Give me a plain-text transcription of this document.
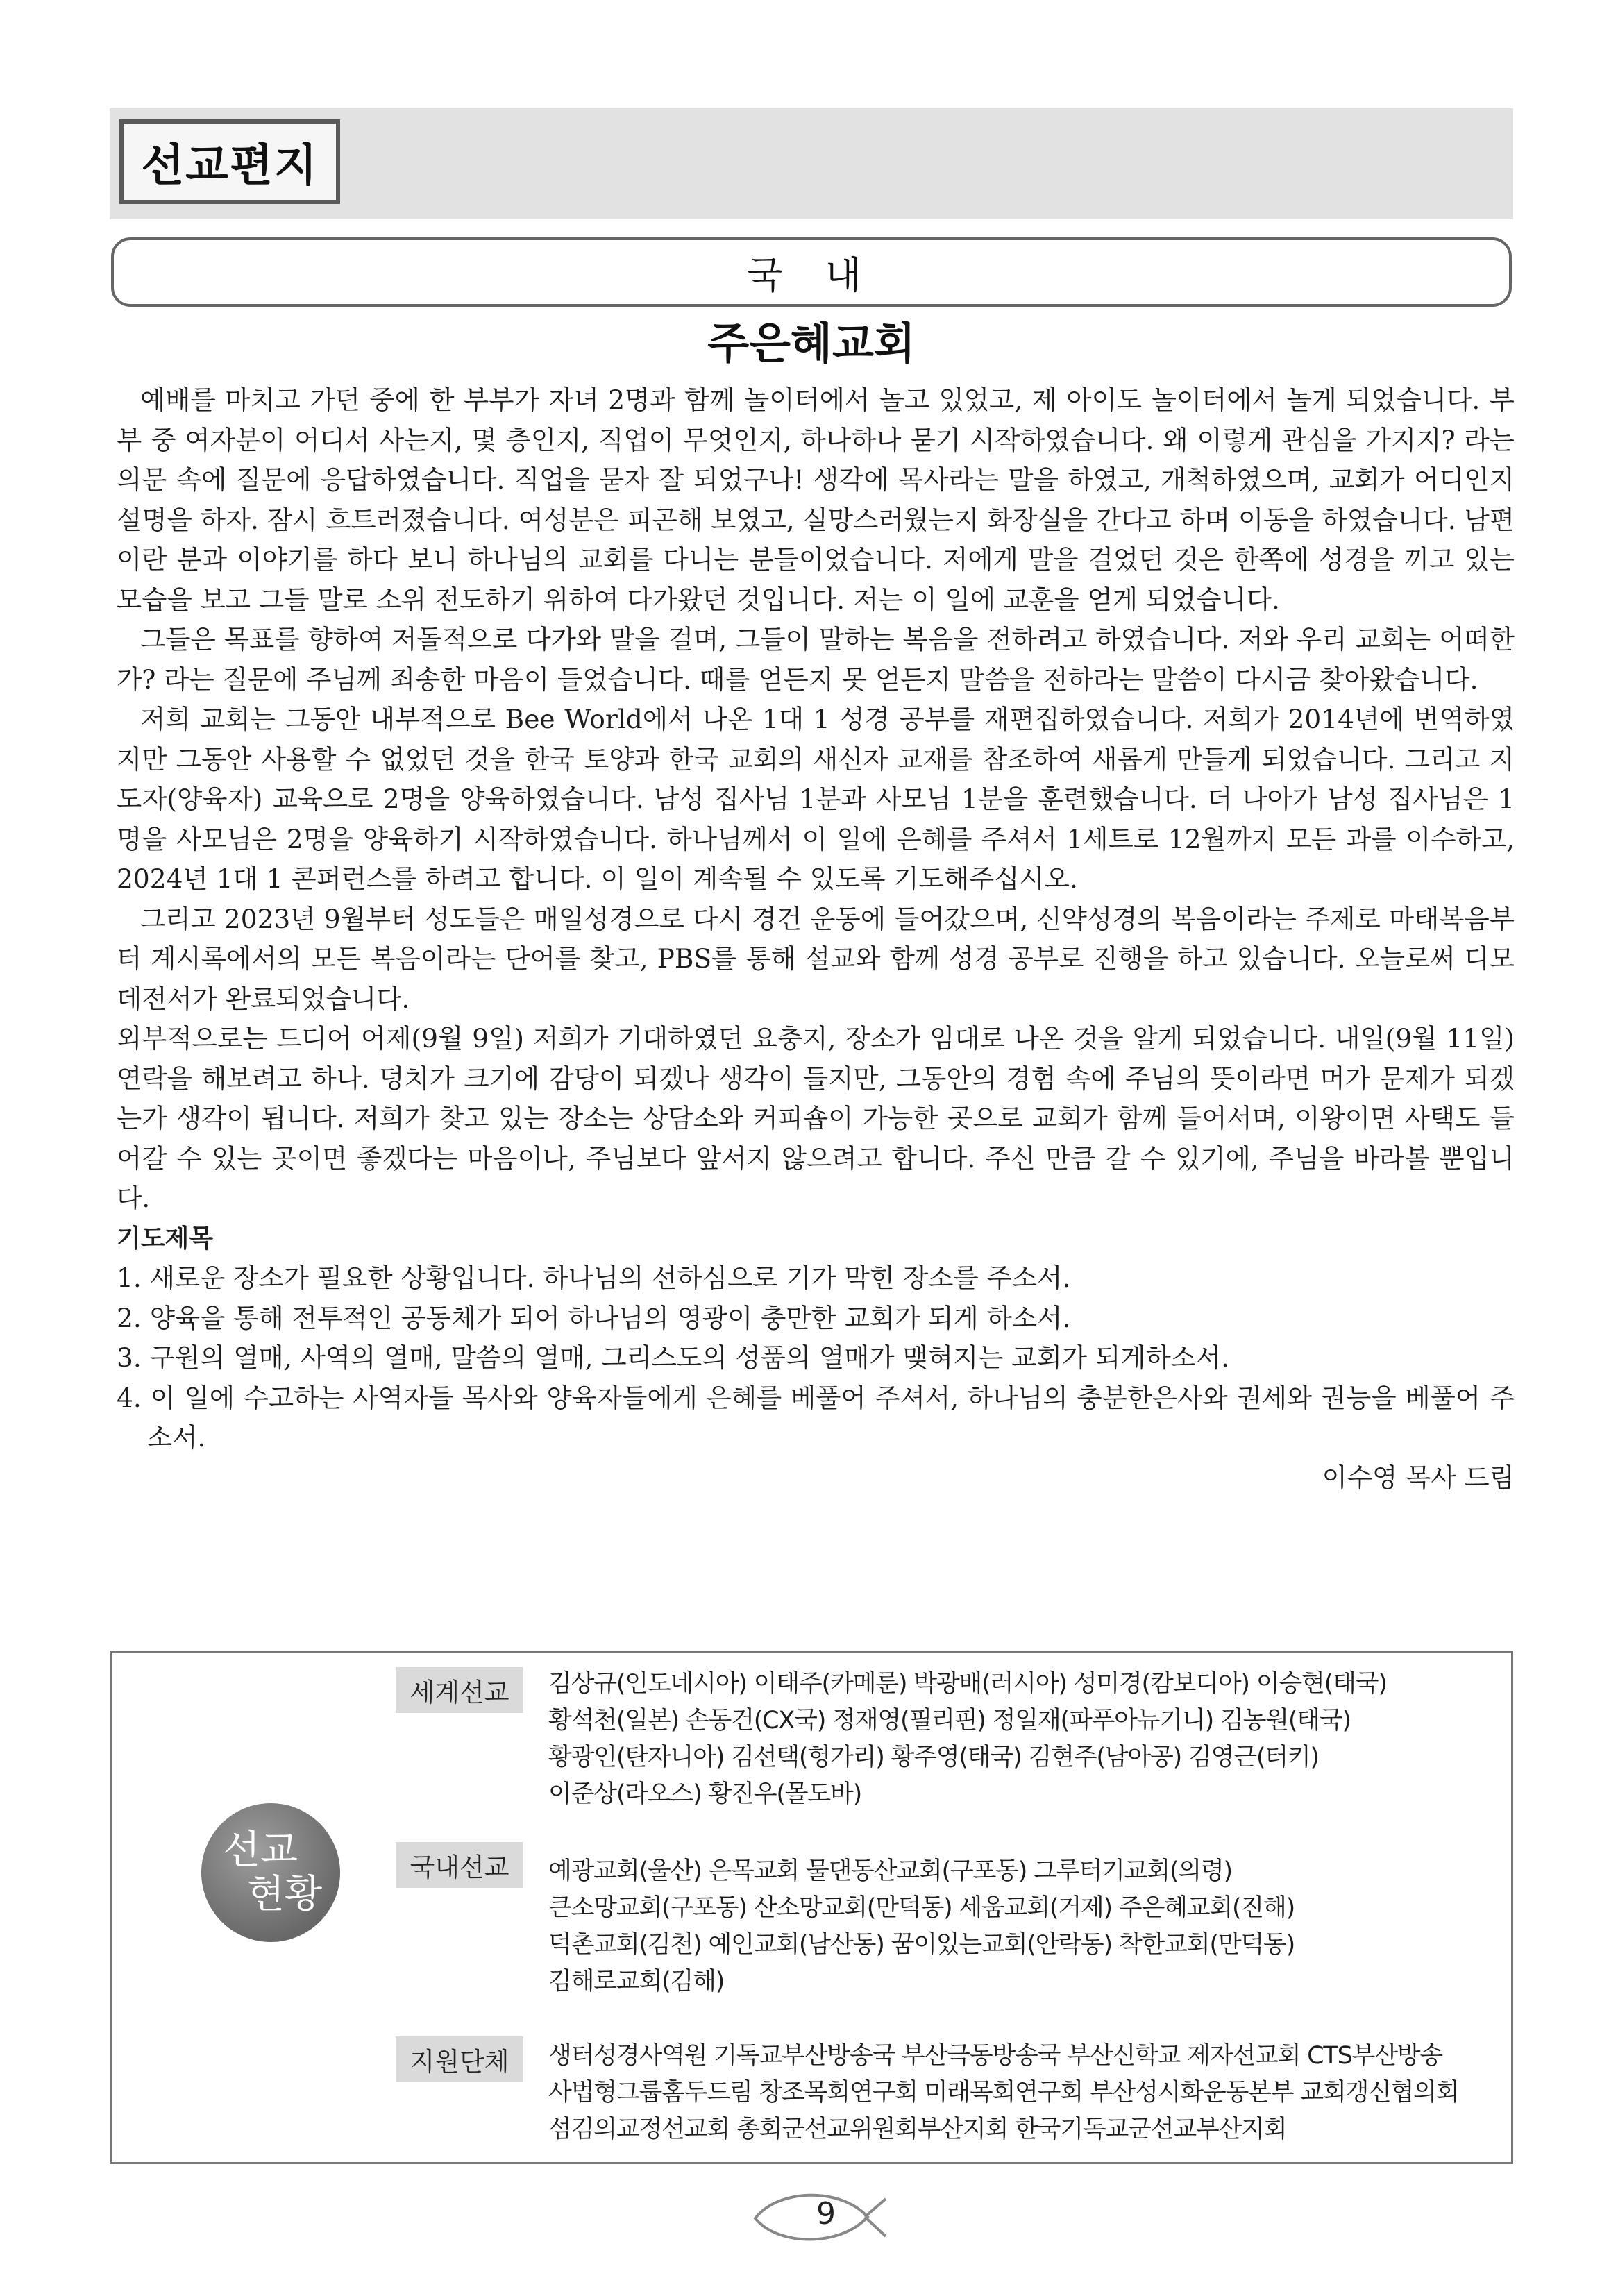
선교편지
국 내
주은혜교회

예배를 마치고 가던 중에 한 부부가 자녀 2명과 함께 놀이터에서 놀고 있었고, 제 아이도 놀이터에서 놀게 되었습니다. 부부 중 여자분이 어디서 사는지, 몇 층인지, 직업이 무엇인지, 하나하나 묻기 시작하였습니다. 왜 이렇게 관심을 가지지? 라는 의문 속에 질문에 응답하였습니다. 직업을 묻자 잘 되었구나! 생각에 목사라는 말을 하였고, 개척하였으며, 교회가 어디인지 설명을 하자. 잠시 흐트러졌습니다. 여성분은 피곤해 보였고, 실망스러웠는지 화장실을 간다고 하며 이동을 하였습니다. 남편이란 분과 이야기를 하다 보니 하나님의 교회를 다니는 분들이었습니다. 저에게 말을 걸었던 것은 한쪽에 성경을 끼고 있는 모습을 보고 그들 말로 소위 전도하기 위하여 다가왔던 것입니다. 저는 이 일에 교훈을 얻게 되었습니다.

그들은 목표를 향하여 저돌적으로 다가와 말을 걸며, 그들이 말하는 복음을 전하려고 하였습니다. 저와 우리 교회는 어떠한가? 라는 질문에 주님께 죄송한 마음이 들었습니다. 때를 얻든지 못 얻든지 말씀을 전하라는 말씀이 다시금 찾아왔습니다.

저희 교회는 그동안 내부적으로 Bee World에서 나온 1대 1 성경 공부를 재편집하였습니다. 저희가 2014년에 번역하였지만 그동안 사용할 수 없었던 것을 한국 토양과 한국 교회의 새신자 교재를 참조하여 새롭게 만들게 되었습니다. 그리고 지도자(양육자) 교육으로 2명을 양육하였습니다. 남성 집사님 1분과 사모님 1분을 훈련했습니다. 더 나아가 남성 집사님은 1명을 사모님은 2명을 양육하기 시작하였습니다. 하나님께서 이 일에 은혜를 주셔서 1세트로 12월까지 모든 과를 이수하고, 2024년 1대 1 콘퍼런스를 하려고 합니다. 이 일이 계속될 수 있도록 기도해주십시오.

그리고 2023년 9월부터 성도들은 매일성경으로 다시 경건 운동에 들어갔으며, 신약성경의 복음이라는 주제로 마태복음부터 계시록에서의 모든 복음이라는 단어를 찾고, PBS를 통해 설교와 함께 성경 공부로 진행을 하고 있습니다. 오늘로써 디모데전서가 완료되었습니다.

외부적으로는 드디어 어제(9월 9일) 저희가 기대하였던 요충지, 장소가 임대로 나온 것을 알게 되었습니다. 내일(9월 11일) 연락을 해보려고 하나. 덩치가 크기에 감당이 되겠나 생각이 들지만, 그동안의 경험 속에 주님의 뜻이라면 머가 문제가 되겠는가 생각이 됩니다. 저희가 찾고 있는 장소는 상담소와 커피숍이 가능한 곳으로 교회가 함께 들어서며, 이왕이면 사택도 들어갈 수 있는 곳이면 좋겠다는 마음이나, 주님보다 앞서지 않으려고 합니다. 주신 만큼 갈 수 있기에, 주님을 바라볼 뿐입니다.

기도제목

1. 새로운 장소가 필요한 상황입니다. 하나님의 선하심으로 기가 막힌 장소를 주소서.

2. 양육을 통해 전투적인 공동체가 되어 하나님의 영광이 충만한 교회가 되게 하소서.

3. 구원의 열매, 사역의 열매, 말씀의 열매, 그리스도의 성품의 열매가 맺혀지는 교회가 되게하소서.

4. 이 일에 수고하는 사역자들 목사와 양육자들에게 은혜를 베풀어 주셔서, 하나님의 충분한은사와 권세와 권능을 베풀어 주소서.

이수영 목사 드림

선교
현황
세계선교	김상규(인도네시아) 이태주(카메룬) 박광배(러시아) 성미경(캄보디아) 이승현(태국)
황석천(일본) 손동건(CX국) 정재영(필리핀) 정일재(파푸아뉴기니) 김농원(태국)
황광인(탄자니아) 김선택(헝가리) 황주영(태국) 김현주(남아공) 김영근(터키)
이준상(라오스) 황진우(몰도바)
국내선교	예광교회(울산) 은목교회 물댄동산교회(구포동) 그루터기교회(의령)
큰소망교회(구포동) 산소망교회(만덕동) 세움교회(거제) 주은혜교회(진해)
덕촌교회(김천) 예인교회(남산동) 꿈이있는교회(안락동) 착한교회(만덕동)
김해로교회(김해)
지원단체	생터성경사역원 기독교부산방송국 부산극동방송국 부산신학교 제자선교회 CTS부산방송
사법형그룹홈두드림 창조목회연구회 미래목회연구회 부산성시화운동본부 교회갱신협의회
섬김의교정선교회 총회군선교위원회부산지회 한국기독교군선교부산지회
9
